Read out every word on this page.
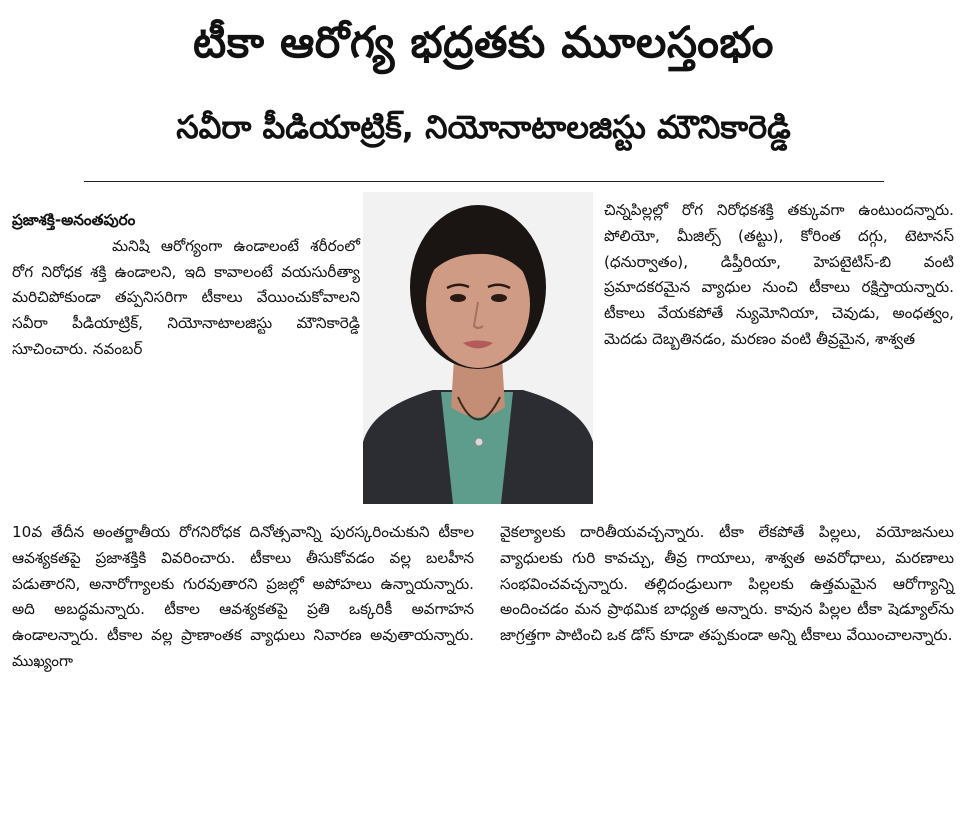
టీకా ఆరోగ్య భద్రతకు మూలస్తంభం
సవీరా పీడియాట్రిక్, నియోనాటాలజిస్టు మౌనికారెడ్డి
ప్రజాశక్తి-అనంతపురం

మనిషి ఆరోగ్యంగా ఉండాలంటే శరీరంలో రోగ నిరోధక శక్తి ఉండాలని, ఇది కావాలంటే వయసురీత్యా మరిచిపోకుండా తప్పనిసరిగా టీకాలు వేయించుకోవాలని సవీరా పీడియాట్రిక్, నియోనాటాలజిస్టు మౌనికారెడ్డి సూచించారు. నవంబర్

చిన్నపిల్లల్లో రోగ నిరోధకశక్తి తక్కువగా ఉంటుందన్నారు. పోలియో, మీజిల్స్ (తట్టు), కోరింత దగ్గు, టెటానస్ (ధనుర్వాతం), డిప్తీరియా, హెపటైటిస్-బి వంటి ప్రమాదకరమైన వ్యాధుల నుంచి టీకాలు రక్షిస్తాయన్నారు. టీకాలు వేయకపోతే న్యుమోనియా, చెవుడు, అంధత్వం, మెదడు దెబ్బతినడం, మరణం వంటి తీవ్రమైన, శాశ్వత

10వ తేదీన అంతర్జాతీయ రోగనిరోధక దినోత్సవాన్ని పురస్కరించుకుని టీకాల ఆవశ్యకతపై ప్రజాశక్తికి వివరించారు. టీకాలు తీసుకోవడం వల్ల బలహీన పడుతారని, అనారోగ్యాలకు గురవుతారని ప్రజల్లో అపోహలు ఉన్నాయన్నారు. అది అబద్ధమన్నారు. టీకాల ఆవశ్యకతపై ప్రతి ఒక్కరికీ అవగాహన ఉండాలన్నారు. టీకాల వల్ల ప్రాణాంతక వ్యాధులు నివారణ అవుతాయన్నారు. ముఖ్యంగా

వైకల్యాలకు దారితీయవచ్చన్నారు. టీకా లేకపోతే పిల్లలు, వయోజనులు వ్యాధులకు గురి కావచ్చు, తీవ్ర గాయాలు, శాశ్వత అవరోధాలు, మరణాలు సంభవించవచ్చన్నారు. తల్లిదండ్రులుగా పిల్లలకు ఉత్తమమైన ఆరోగ్యాన్ని అందించడం మన ప్రాథమిక బాధ్యత అన్నారు. కావున పిల్లల టీకా షెడ్యూల్‌ను జాగ్రత్తగా పాటించి ఒక డోస్ కూడా తప్పకుండా అన్ని టీకాలు వేయించాలన్నారు.
